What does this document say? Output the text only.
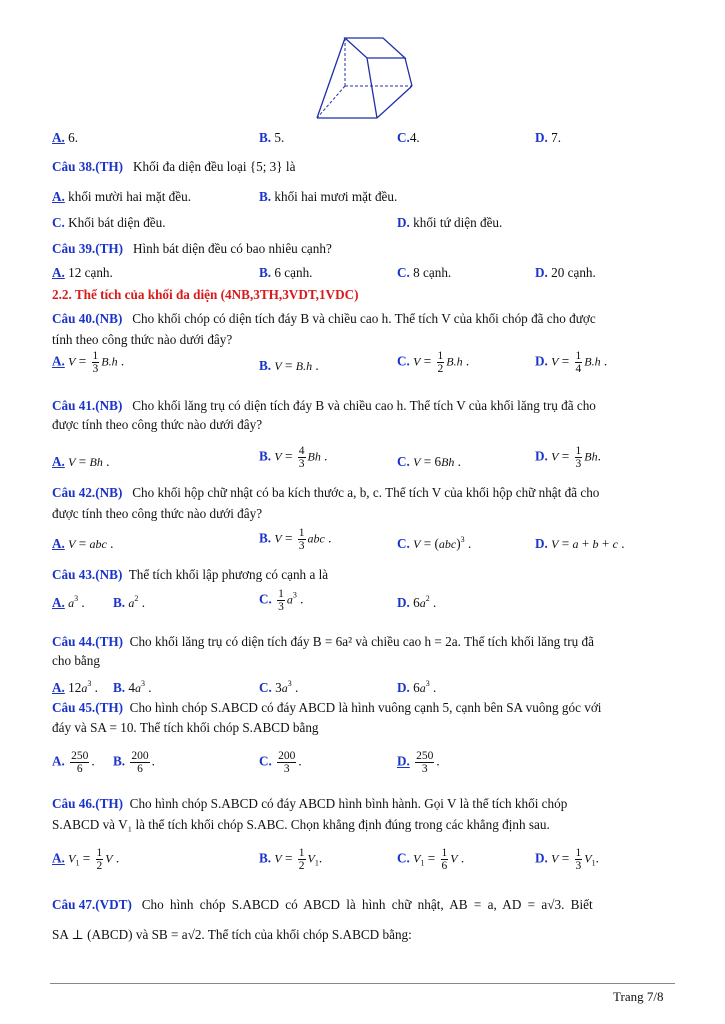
A. 6.	B. 5.	C.4.	D. 7.
Câu 38.(TH) Khối đa diện đều loại {5; 3} là
A. khối mười hai mặt đều.	B. khối hai mươi mặt đều.
C. Khối bát diện đều.	D. khối tứ diện đều.
Câu 39.(TH) Hình bát diện đều có bao nhiêu cạnh?
A. 12 cạnh.	B. 6 cạnh.	C. 8 cạnh.	D. 20 cạnh.
2.2. Thể tích của khối đa diện (4NB,3TH,3VDT,1VDC)
Câu 40.(NB) Cho khối chóp có diện tích đáy B và chiều cao h. Thể tích V của khối chóp đã cho được
tính theo công thức nào dưới đây?
A. $V = \frac{1}{3} B.h$ .	B. V = B.h .	C. $V = \frac{1}{2} B.h$ .	D. $V = \frac{1}{4} B.h$ .
Câu 41.(NB) Cho khối lăng trụ có diện tích đáy B và chiều cao h. Thể tích V của khối lăng trụ đã cho
được tính theo công thức nào dưới đây?
A. V = Bh .	B. $V = \frac{4}{3}$ Bh .	C. V = 6Bh .	D. $V = \frac{1}{3} Bh$.
Câu 42.(NB) Cho khối hộp chữ nhật có ba kích thước a, b, c. Thể tích V của khối hộp chữ nhật đã cho
được tính theo công thức nào dưới đây?
A. V = abc .	B. $V = \frac{1}{3}$ abc .	C. V = (abc)$^3$ .	D. V = a + b + c .
Câu 43.(NB) Thể tích khối lập phương có cạnh a là
A. $a^3$ . B. $a^2$ .	C. $\frac{1}{3} a^3$ .	D. $6a^2$ .
Câu 44.(TH) Cho khối lăng trụ có diện tích đáy B = 6a² và chiều cao h = 2a. Thể tích khối lăng trụ đã
cho bằng
A. $12a^3$ . B. $4a^3$ .	C. $3a^3$ .	D. $6a^3$ .
Câu 45.(TH) Cho hình chóp S.ABCD có đáy ABCD là hình vuông cạnh 5, cạnh bên SA vuông góc với
đáy và SA = 10. Thể tích khối chóp S.ABCD bằng
A. $\frac{250}{6}$ . B. $\frac{200}{6}$ .	C. $\frac{200}{3}$ .	D. $\frac{250}{3}$ .
Câu 46.(TH) Cho hình chóp S.ABCD có đáy ABCD hình bình hành. Gọi V là thể tích khối chóp
S.ABCD và V₁ là thể tích khối chóp S.ABC. Chọn khẳng định đúng trong các khẳng định sau.
A. $V_1 = \frac{1}{2}$ V .	B. $V = \frac{1}{2} V_1$.	C. $V_1 = \frac{1}{6}$ V .	D. $V = \frac{1}{3} V_1$.
Câu 47.(VDT) Cho hình chóp S.ABCD có ABCD là hình chữ nhật, AB = a, AD = a√3. Biết
SA ⊥ (ABCD) và SB = a√2. Thể tích của khối chóp S.ABCD bằng:
Trang 7/8
